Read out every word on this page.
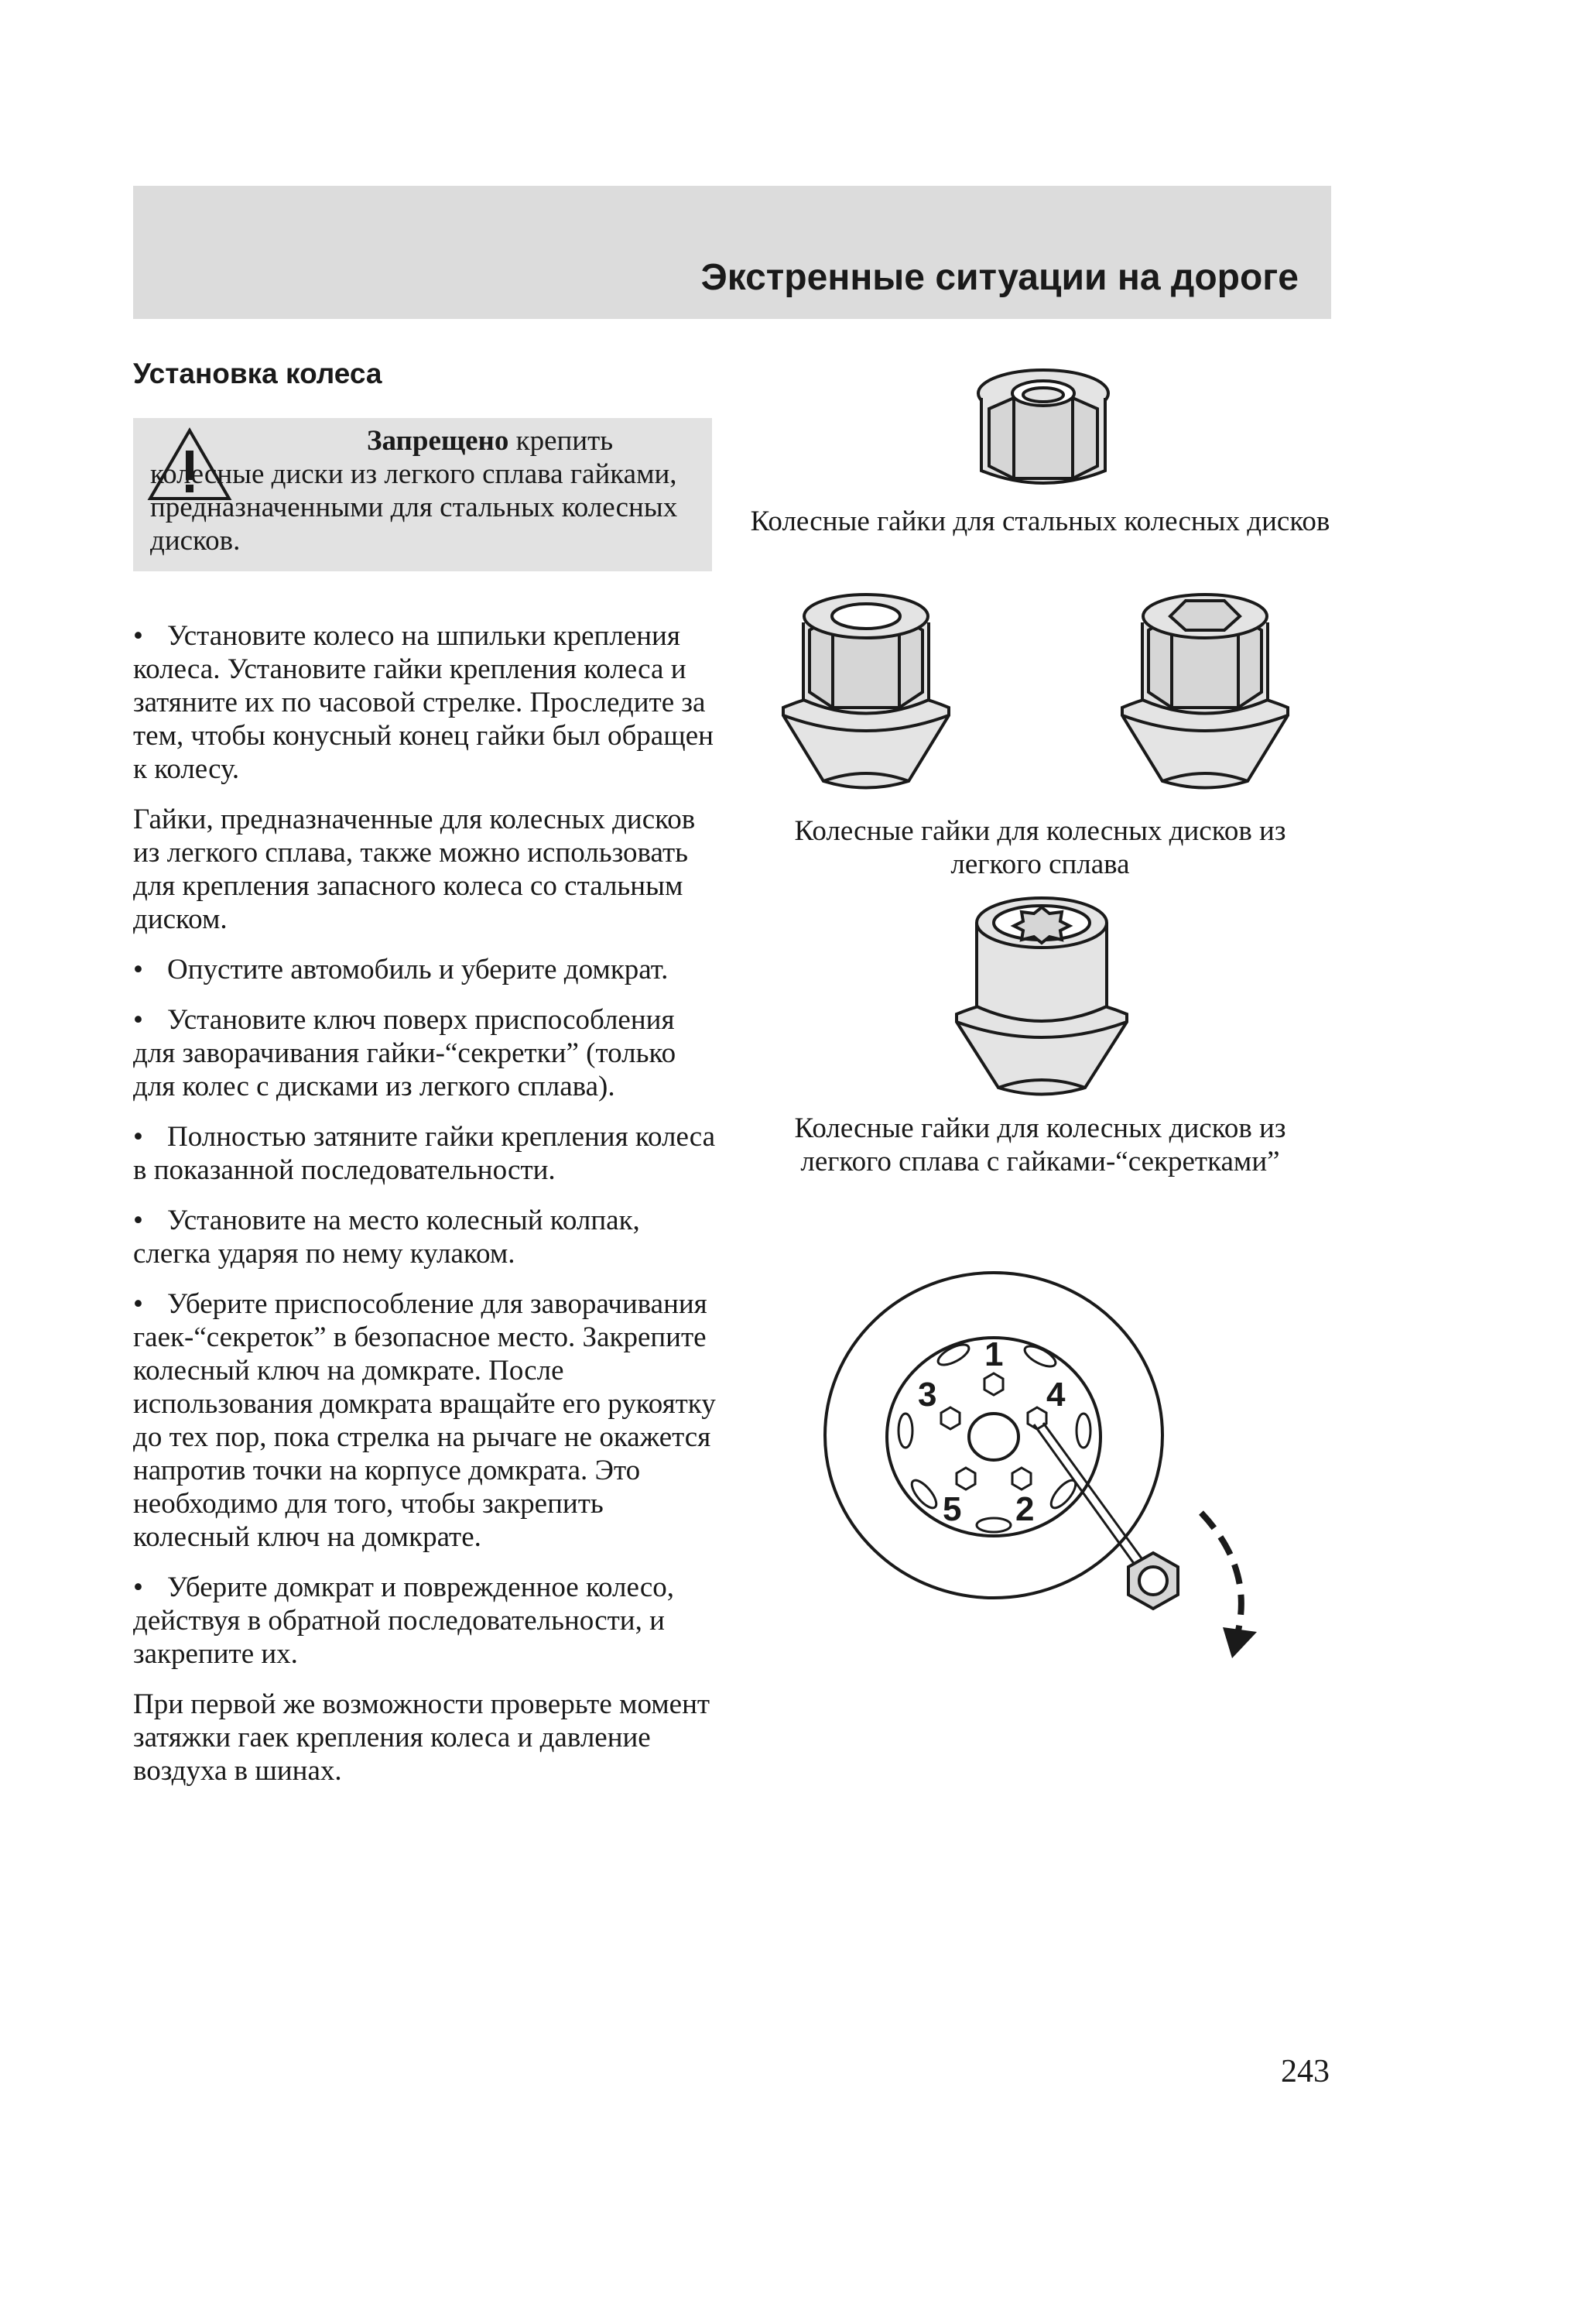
Экстренные ситуации на дороге
Установка колеса
Запрещено крепить колесные диски из легкого сплава гайками, предназначенными для стальных колесных дисков.

• Установите колесо на шпильки крепления колеса. Установите гайки крепления колеса и затяните их по часовой стрелке. Проследите за тем, чтобы конусный конец гайки был обращен к колесу.

Гайки, предназначенные для колесных дисков из легкого сплава, также можно использовать для крепления запасного колеса со стальным диском.

• Опустите автомобиль и уберите домкрат.

• Установите ключ поверх приспособления для заворачивания гайки-“секретки” (только для колес с дисками из легкого сплава).

• Полностью затяните гайки крепления колеса в показанной последовательности.

• Установите на место колесный колпак, слегка ударяя по нему кулаком.

• Уберите приспособление для заворачивания гаек-“секреток” в безопасное место. Закрепите колесный ключ на домкрате. После использования домкрата вращайте его рукоятку до тех пор, пока стрелка на рычаге не окажется напротив точки на корпусе домкрата. Это необходимо для того, чтобы закрепить колесный ключ на домкрате.

• Уберите домкрат и поврежденное колесо, действуя в обратной последовательности, и закрепите их.

При первой же возможности проверьте момент затяжки гаек крепления колеса и давление воздуха в шинах.

Колесные гайки для стальных колесных дисков
Колесные гайки для колесных дисков из легкого сплава
Колесные гайки для колесных дисков из легкого сплава с гайками-“секретками”
1
3	4
5 2
243
